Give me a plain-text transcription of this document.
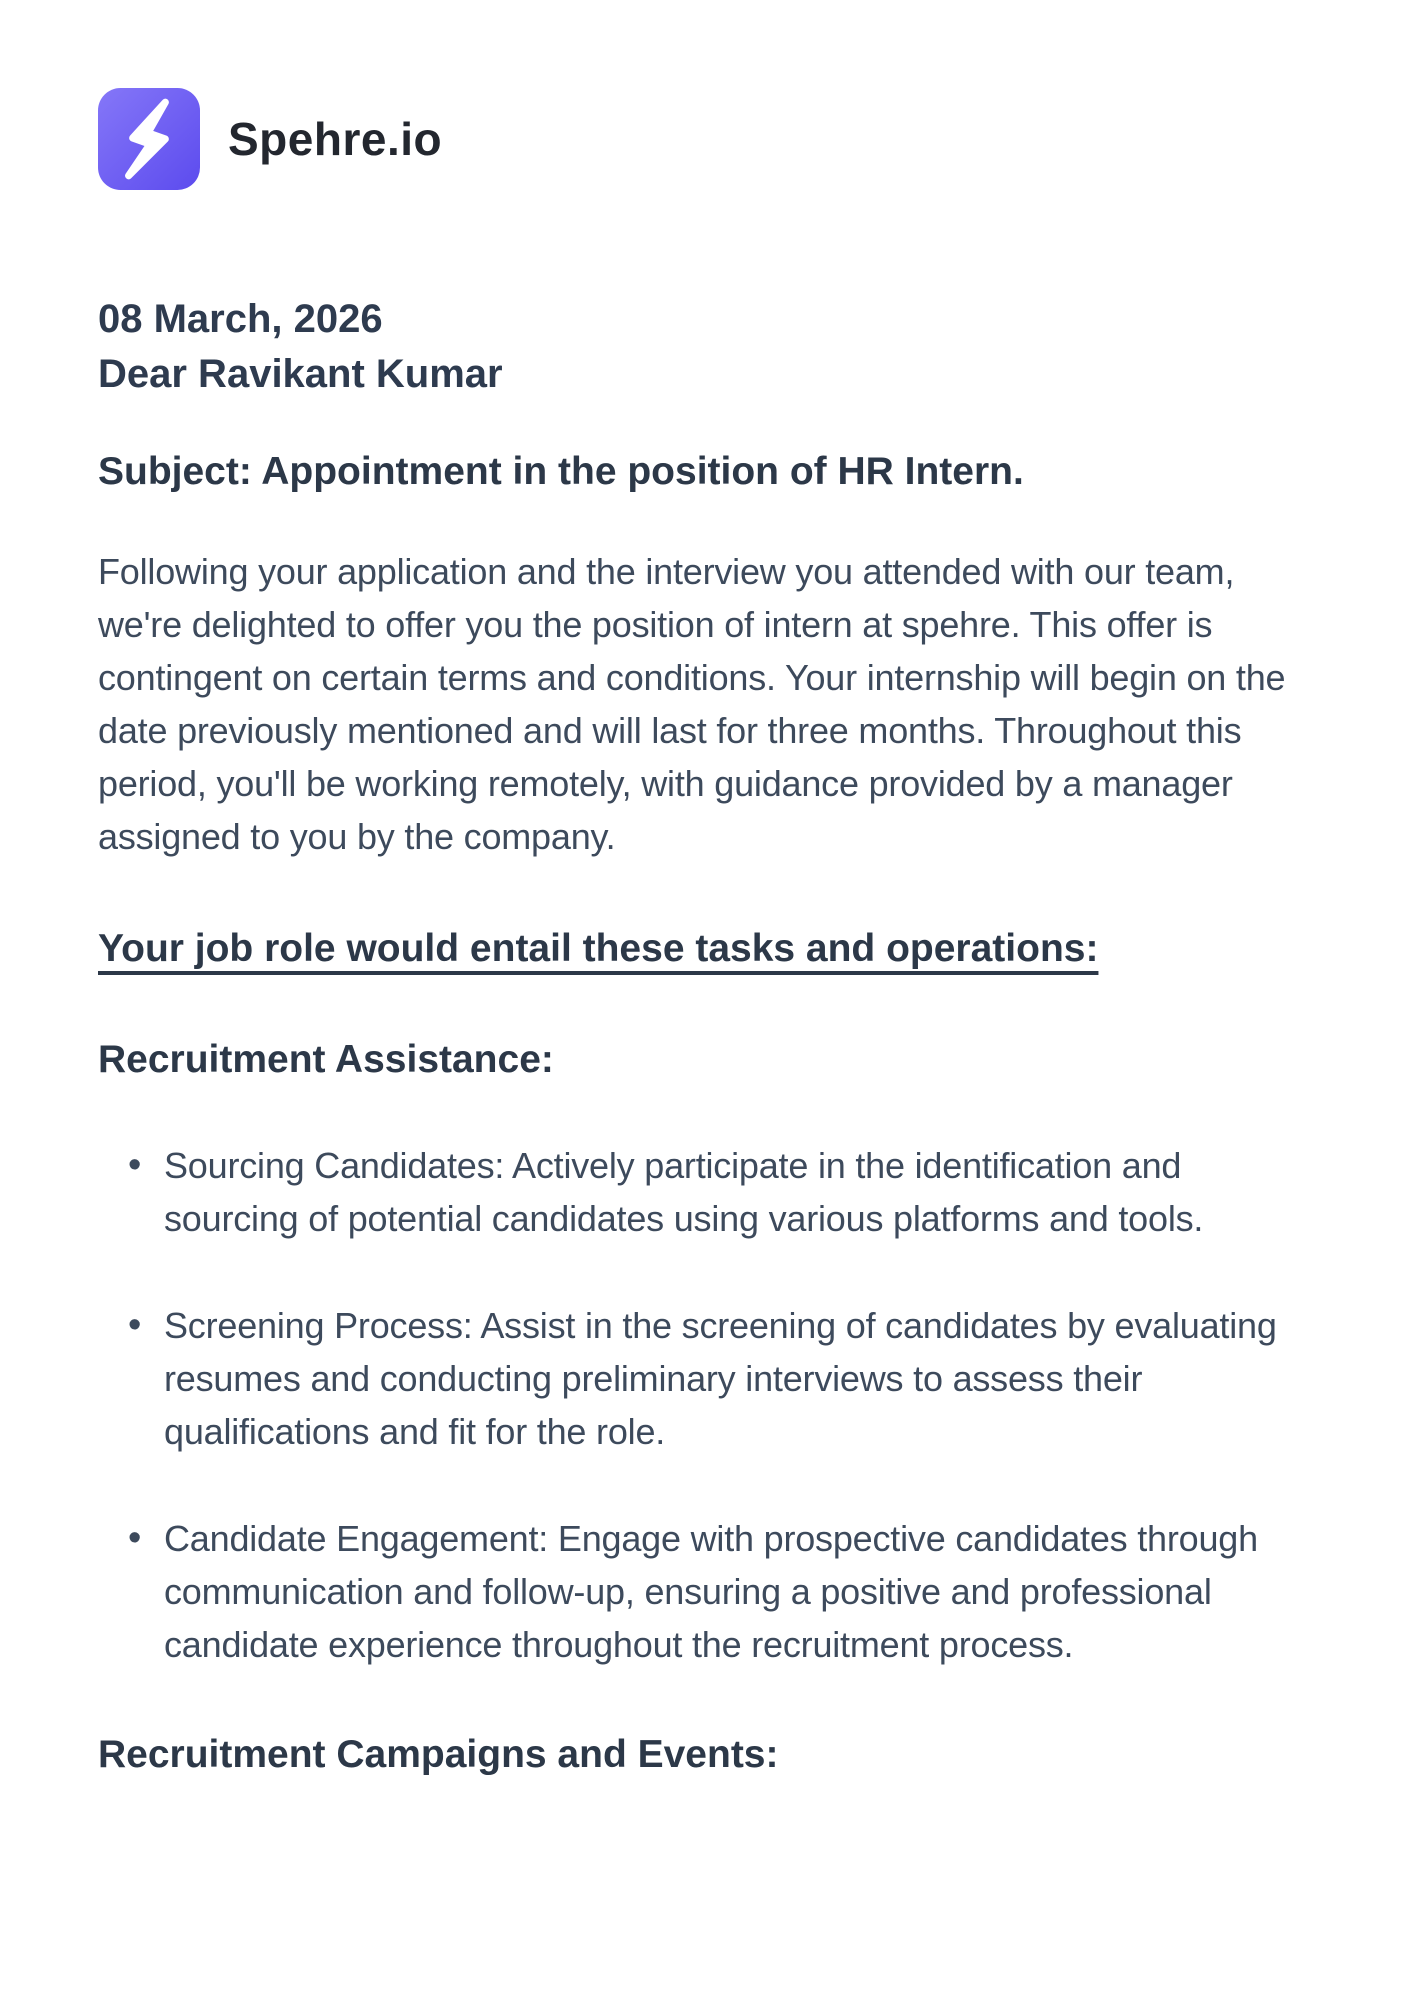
Spehre.io
08 March, 2026
Dear Ravikant Kumar
Subject: Appointment in the position of HR Intern.

Following your application and the interview you attended with our team, we're delighted to offer you the position of intern at spehre. This offer is contingent on certain terms and conditions. Your internship will begin on the date previously mentioned and will last for three months. Throughout this period, you'll be working remotely, with guidance provided by a manager assigned to you by the company.

Your job role would entail these tasks and operations:
Recruitment Assistance:
• Sourcing Candidates: Actively participate in the identification and sourcing of potential candidates using various platforms and tools.
• Screening Process: Assist in the screening of candidates by evaluating resumes and conducting preliminary interviews to assess their qualifications and fit for the role.
• Candidate Engagement: Engage with prospective candidates through communication and follow-up, ensuring a positive and professional candidate experience throughout the recruitment process.
Recruitment Campaigns and Events:
